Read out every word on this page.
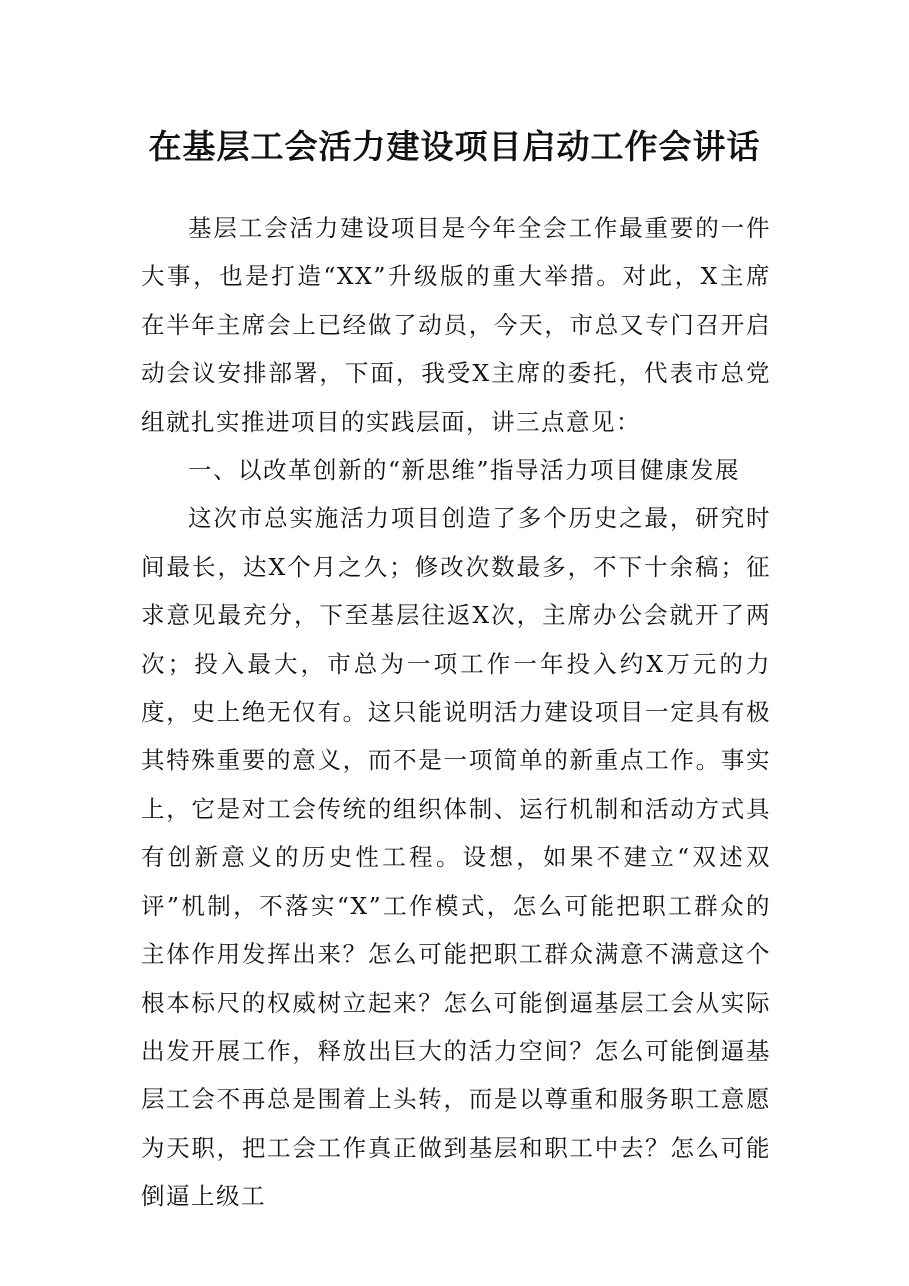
在基层工会活力建设项目启动工作会讲话

基层工会活力建设项目是今年全会工作最重要的一件大事，也是打造“XX”升级版的重大举措。对此，X主席在半年主席会上已经做了动员，今天，市总又专门召开启动会议安排部署，下面，我受X主席的委托，代表市总党组就扎实推进项目的实践层面，讲三点意见：

一、以改革创新的“新思维”指导活力项目健康发展

这次市总实施活力项目创造了多个历史之最，研究时间最长，达X个月之久；修改次数最多，不下十余稿；征求意见最充分，下至基层往返X次，主席办公会就开了两次；投入最大，市总为一项工作一年投入约X万元的力度，史上绝无仅有。这只能说明活力建设项目一定具有极其特殊重要的意义，而不是一项简单的新重点工作。事实上，它是对工会传统的组织体制、运行机制和活动方式具有创新意义的历史性工程。设想，如果不建立“双述双评”机制，不落实“X”工作模式，怎么可能把职工群众的主体作用发挥出来？怎么可能把职工群众满意不满意这个根本标尺的权威树立起来？怎么可能倒逼基层工会从实际出发开展工作，释放出巨大的活力空间？怎么可能倒逼基层工会不再总是围着上头转，而是以尊重和服务职工意愿为天职，把工会工作真正做到基层和职工中去？怎么可能倒逼上级工
